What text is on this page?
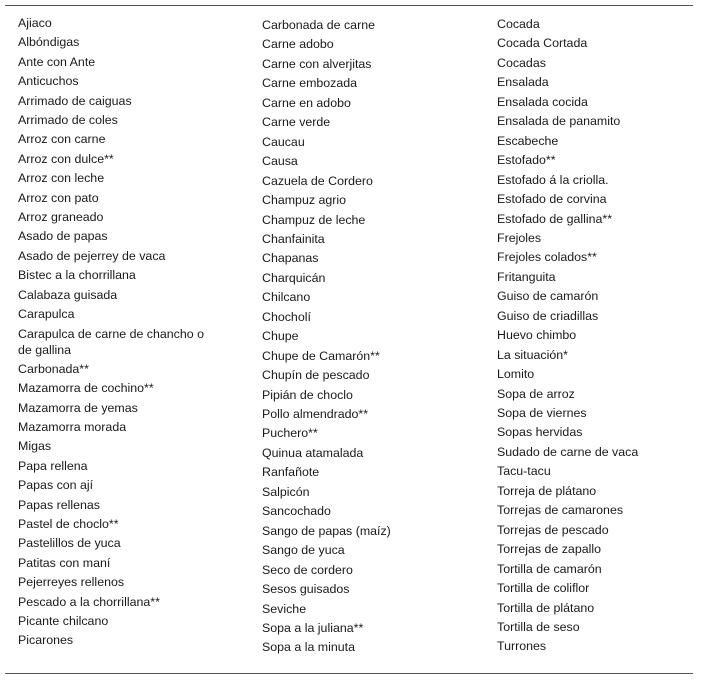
Ajiaco
Albóndigas
Ante con Ante
Anticuchos
Arrimado de caiguas
Arrimado de coles
Arroz con carne
Arroz con dulce**
Arroz con leche
Arroz con pato
Arroz graneado
Asado de papas
Asado de pejerrey de vaca
Bistec a la chorrillana
Calabaza guisada
Carapulca
Carapulca de carne de chancho o de gallina
Carbonada**
Mazamorra de cochino**
Mazamorra de yemas
Mazamorra morada
Migas
Papa rellena
Papas con ají
Papas rellenas
Pastel de choclo**
Pastelillos de yuca
Patitas con maní
Pejerreyes rellenos
Pescado a la chorrillana**
Picante chilcano
Picarones
Carbonada de carne
Carne adobo
Carne con alverjitas
Carne embozada
Carne en adobo
Carne verde
Caucau
Causa
Cazuela de Cordero
Champuz agrio
Champuz de leche
Chanfainita
Chapanas
Charquicán
Chilcano
Chocholí
Chupe
Chupe de Camarón**
Chupín de pescado
Pipián de choclo
Pollo almendrado**
Puchero**
Quinua atamalada
Ranfañote
Salpicón
Sancochado
Sango de papas (maíz)
Sango de yuca
Seco de cordero
Sesos guisados
Seviche
Sopa a la juliana**
Sopa a la minuta
Cocada
Cocada Cortada
Cocadas
Ensalada
Ensalada cocida
Ensalada de panamito
Escabeche
Estofado**
Estofado á la criolla.
Estofado de corvina
Estofado de gallina**
Frejoles
Frejoles colados**
Fritanguita
Guiso de camarón
Guiso de criadillas
Huevo chimbo
La situación*
Lomito
Sopa de arroz
Sopa de viernes
Sopas hervidas
Sudado de carne de vaca
Tacu-tacu
Torreja de plátano
Torrejas de camarones
Torrejas de pescado
Torrejas de zapallo
Tortilla de camarón
Tortilla de coliflor
Tortilla de plátano
Tortilla de seso
Turrones
